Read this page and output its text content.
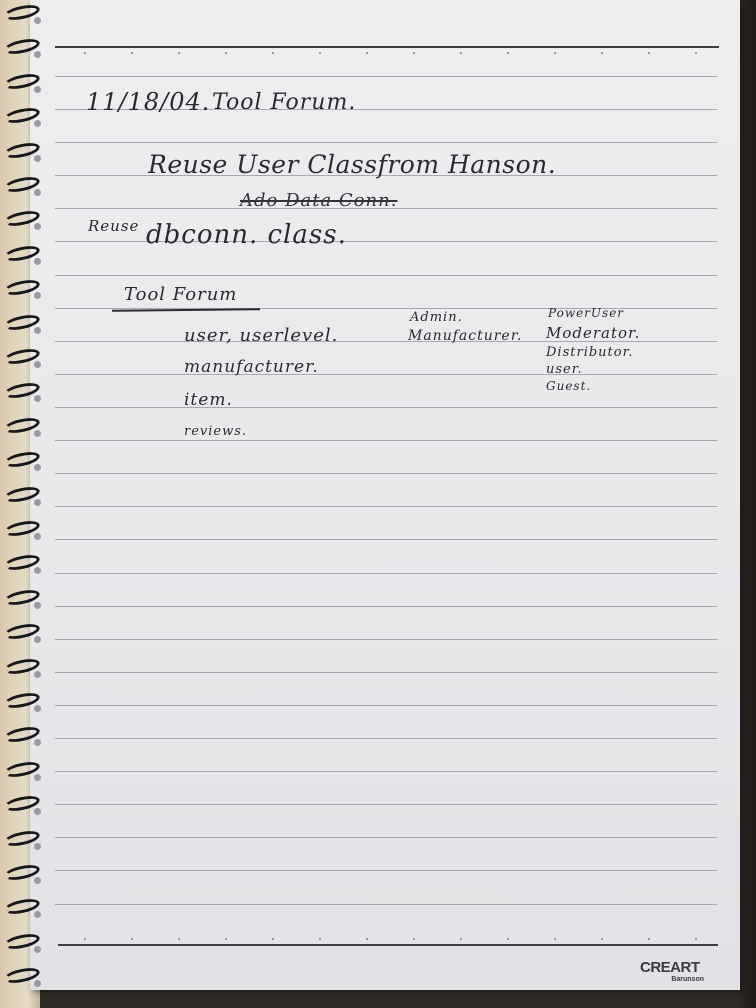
11/18/04. Tool Forum.

Reuse User Classfrom Hanson.

Ado Data Conn.

Reuse dbconn. class.

Tool Forum

user, userlevel.

manufacturer.

item.

reviews.

Admin.

Manufacturer.

PowerUser

Moderator.

Distributor.

user.

Guest.

CREART
Barunson
